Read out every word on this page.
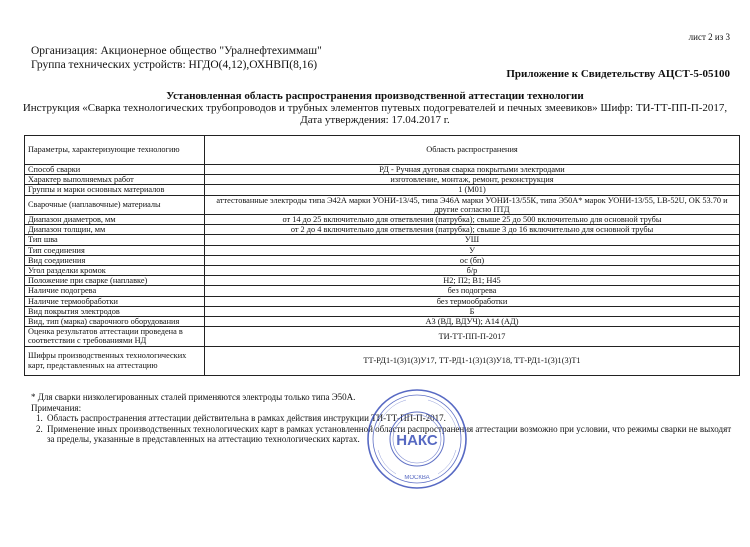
лист 2 из 3
Организация: Акционерное общество "Уралнефтехиммаш"
Группа технических устройств: НГДО(4,12),ОХНВП(8,16)
Приложение к Свидетельству АЦСТ-5-05100
Установленная область распространения производственной аттестации технологии
Инструкция «Сварка технологических трубопроводов и трубных элементов путевых подогревателей и печных змеевиков» Шифр: ТИ-ТТ-ПП-П-2017,
Дата утверждения: 17.04.2017 г.
Параметры, характеризующие технологию	Область распространения
Способ сварки	РД - Ручная дуговая сварка покрытыми электродами
Характер выполняемых работ	изготовление, монтаж, ремонт, реконструкция
Группы и марки основных материалов	1 (М01)
Сварочные (наплавочные) материалы	аттестованные электроды типа Э42А марки УОНИ-13/45, типа Э46А марки УОНИ-13/55К, типа Э50А* марок УОНИ-13/55, LB-52U, ОК 53.70 и другие согласно ПТД
Диапазон диаметров, мм	от 14 до 25 включительно для ответвления (патрубка); свыше 25 до 500 включительно для основной трубы
Диапазон толщин, мм	от 2 до 4 включительно для ответвления (патрубка); свыше 3 до 16 включительно для основной трубы
Тип шва	УШ
Тип соединения	У
Вид соединения	ос (бп)
Угол разделки кромок	б/р
Положение при сварке (наплавке)	Н2; П2; В1; Н45
Наличие подогрева	без подогрева
Наличие термообработки	без термообработки
Вид покрытия электродов	Б
Вид, тип (марка) сварочного оборудования	А3 (ВД, ВДУЧ); А14 (АД)
Оценка результатов аттестации проведена в соответствии с требованиями НД	ТИ-ТТ-ПП-П-2017
Шифры производственных технологических карт, представленных на аттестацию	ТТ-РД1-1(3)1(3)У17, ТТ-РД1-1(3)1(3)У18, ТТ-РД1-1(3)1(3)Т1
* Для сварки низколегированных сталей применяются электроды только типа Э50А.
Примечания:
1. Область распространения аттестации действительна в рамках действия инструкции ТИ-ТТ-ПП-П-2017.
2. Применение иных производственных технологических карт в рамках установленной области распространения аттестации возможно при условии, что режимы сварки не выходят за пределы, указанные в представленных на аттестацию технологических картах.	НАКС
МОСКВА
